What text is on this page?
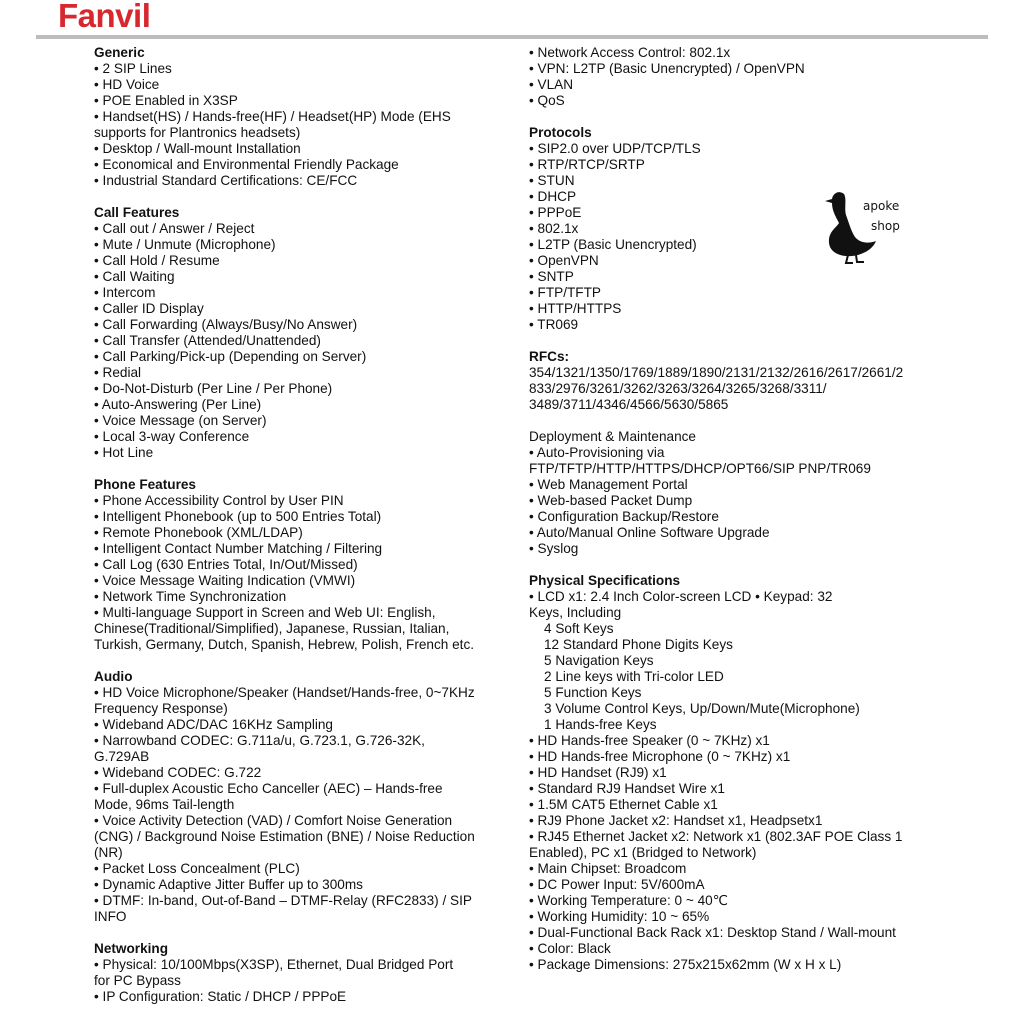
Fanvil
Generic
• 2 SIP Lines
• HD Voice
• POE Enabled in X3SP
• Handset(HS) / Hands-free(HF) / Headset(HP) Mode (EHS
supports for Plantronics headsets)
• Desktop / Wall-mount Installation
• Economical and Environmental Friendly Package
• Industrial Standard Certifications: CE/FCC
Call Features
• Call out / Answer / Reject
• Mute / Unmute (Microphone)
• Call Hold / Resume
• Call Waiting
• Intercom
• Caller ID Display
• Call Forwarding (Always/Busy/No Answer)
• Call Transfer (Attended/Unattended)
• Call Parking/Pick-up (Depending on Server)
• Redial
• Do-Not-Disturb (Per Line / Per Phone)
• Auto-Answering (Per Line)
• Voice Message (on Server)
• Local 3-way Conference
• Hot Line
Phone Features
• Phone Accessibility Control by User PIN
• Intelligent Phonebook (up to 500 Entries Total)
• Remote Phonebook (XML/LDAP)
• Intelligent Contact Number Matching / Filtering
• Call Log (630 Entries Total, In/Out/Missed)
• Voice Message Waiting Indication (VMWI)
• Network Time Synchronization
• Multi-language Support in Screen and Web UI: English,
Chinese(Traditional/Simplified), Japanese, Russian, Italian,
Turkish, Germany, Dutch, Spanish, Hebrew, Polish, French etc.
Audio
• HD Voice Microphone/Speaker (Handset/Hands-free, 0~7KHz
Frequency Response)
• Wideband ADC/DAC 16KHz Sampling
• Narrowband CODEC: G.711a/u, G.723.1, G.726-32K,
G.729AB
• Wideband CODEC: G.722
• Full-duplex Acoustic Echo Canceller (AEC) – Hands-free
Mode, 96ms Tail-length
• Voice Activity Detection (VAD) / Comfort Noise Generation
(CNG) / Background Noise Estimation (BNE) / Noise Reduction
(NR)
• Packet Loss Concealment (PLC)
• Dynamic Adaptive Jitter Buffer up to 300ms
• DTMF: In-band, Out-of-Band – DTMF-Relay (RFC2833) / SIP
INFO
Networking
• Physical: 10/100Mbps(X3SP), Ethernet, Dual Bridged Port
for PC Bypass
• IP Configuration: Static / DHCP / PPPoE
• Network Access Control: 802.1x
• VPN: L2TP (Basic Unencrypted) / OpenVPN
• VLAN
• QoS
Protocols
• SIP2.0 over UDP/TCP/TLS
• RTP/RTCP/SRTP
• STUN
• DHCP
• PPPoE
• 802.1x
• L2TP (Basic Unencrypted)
• OpenVPN
• SNTP
• FTP/TFTP
• HTTP/HTTPS
• TR069
RFCs:
354/1321/1350/1769/1889/1890/2131/2132/2616/2617/2661/2
833/2976/3261/3262/3263/3264/3265/3268/3311/
3489/3711/4346/4566/5630/5865
Deployment & Maintenance
• Auto-Provisioning via
FTP/TFTP/HTTP/HTTPS/DHCP/OPT66/SIP PNP/TR069
• Web Management Portal
• Web-based Packet Dump
• Configuration Backup/Restore
• Auto/Manual Online Software Upgrade
• Syslog
Physical Specifications
• LCD x1: 2.4 Inch Color-screen LCD • Keypad: 32
Keys, Including
4 Soft Keys
12 Standard Phone Digits Keys
5 Navigation Keys
2 Line keys with Tri-color LED
5 Function Keys
3 Volume Control Keys, Up/Down/Mute(Microphone)
1 Hands-free Keys
• HD Hands-free Speaker (0 ~ 7KHz) x1
• HD Hands-free Microphone (0 ~ 7KHz) x1
• HD Handset (RJ9) x1
• Standard RJ9 Handset Wire x1
• 1.5M CAT5 Ethernet Cable x1
• RJ9 Phone Jacket x2: Handset x1, Headpsetx1
• RJ45 Ethernet Jacket x2: Network x1 (802.3AF POE Class 1
Enabled), PC x1 (Bridged to Network)
• Main Chipset: Broadcom
• DC Power Input: 5V/600mA
• Working Temperature: 0 ~ 40℃
• Working Humidity: 10 ~ 65%
• Dual-Functional Back Rack x1: Desktop Stand / Wall-mount
• Color: Black
• Package Dimensions: 275x215x62mm (W x H x L)
apoke
shop
